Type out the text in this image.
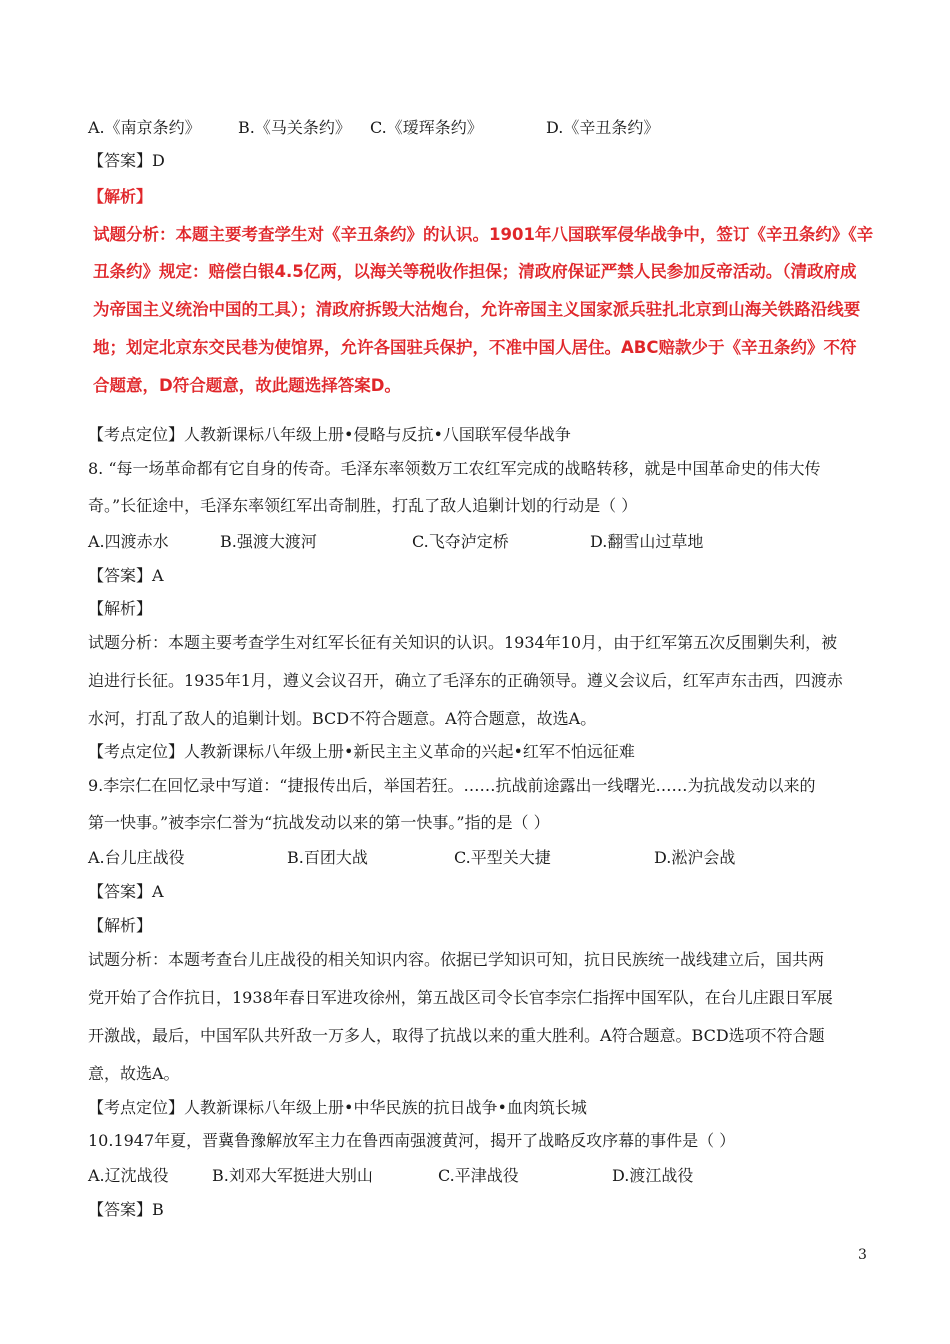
A.《南京条约》 B.《马关条约》 C.《瑷珲条约》	D.《辛丑条约》
【答案】D
【解析】
试题分析：本题主要考查学生对《辛丑条约》的认识。1901年八国联军侵华战争中，签订《辛丑条约》《辛
丑条约》规定：赔偿白银4.5亿两，以海关等税收作担保；清政府保证严禁人民参加反帝活动。（清政府成
为帝国主义统治中国的工具）；清政府拆毁大沽炮台，允许帝国主义国家派兵驻扎北京到山海关铁路沿线要
地；划定北京东交民巷为使馆界，允许各国驻兵保护，不准中国人居住。ABC赔款少于《辛丑条约》不符
合题意，D符合题意，故此题选择答案D。
【考点定位】人教新课标八年级上册•侵略与反抗•八国联军侵华战争
8. “每一场革命都有它自身的传奇。毛泽东率领数万工农红军完成的战略转移，就是中国革命史的伟大传
奇。”长征途中，毛泽东率领红军出奇制胜，打乱了敌人追剿计划的行动是（ ）
A.四渡赤水	B.强渡大渡河	C.飞夺泸定桥	D.翻雪山过草地
【答案】A
【解析】
试题分析：本题主要考查学生对红军长征有关知识的认识。1934年10月，由于红军第五次反围剿失利，被
迫进行长征。1935年1月，遵义会议召开，确立了毛泽东的正确领导。遵义会议后，红军声东击西，四渡赤
水河，打乱了敌人的追剿计划。BCD不符合题意。A符合题意，故选A。
【考点定位】人教新课标八年级上册•新民主主义革命的兴起•红军不怕远征难
9.李宗仁在回忆录中写道：“捷报传出后，举国若狂。……抗战前途露出一线曙光……为抗战发动以来的
第一快事。”被李宗仁誉为“抗战发动以来的第一快事。”指的是（ ）
A.台儿庄战役	B.百团大战	C.平型关大捷	D.淞沪会战
【答案】A
【解析】
试题分析：本题考查台儿庄战役的相关知识内容。依据已学知识可知，抗日民族统一战线建立后，国共两
党开始了合作抗日，1938年春日军进攻徐州，第五战区司令长官李宗仁指挥中国军队，在台儿庄跟日军展
开激战，最后，中国军队共歼敌一万多人，取得了抗战以来的重大胜利。A符合题意。BCD选项不符合题
意，故选A。
【考点定位】人教新课标八年级上册•中华民族的抗日战争•血肉筑长城
10.1947年夏，晋冀鲁豫解放军主力在鲁西南强渡黄河，揭开了战略反攻序幕的事件是（ ）
A.辽沈战役	B.刘邓大军挺进大别山	C.平津战役	D.渡江战役
【答案】B
3
